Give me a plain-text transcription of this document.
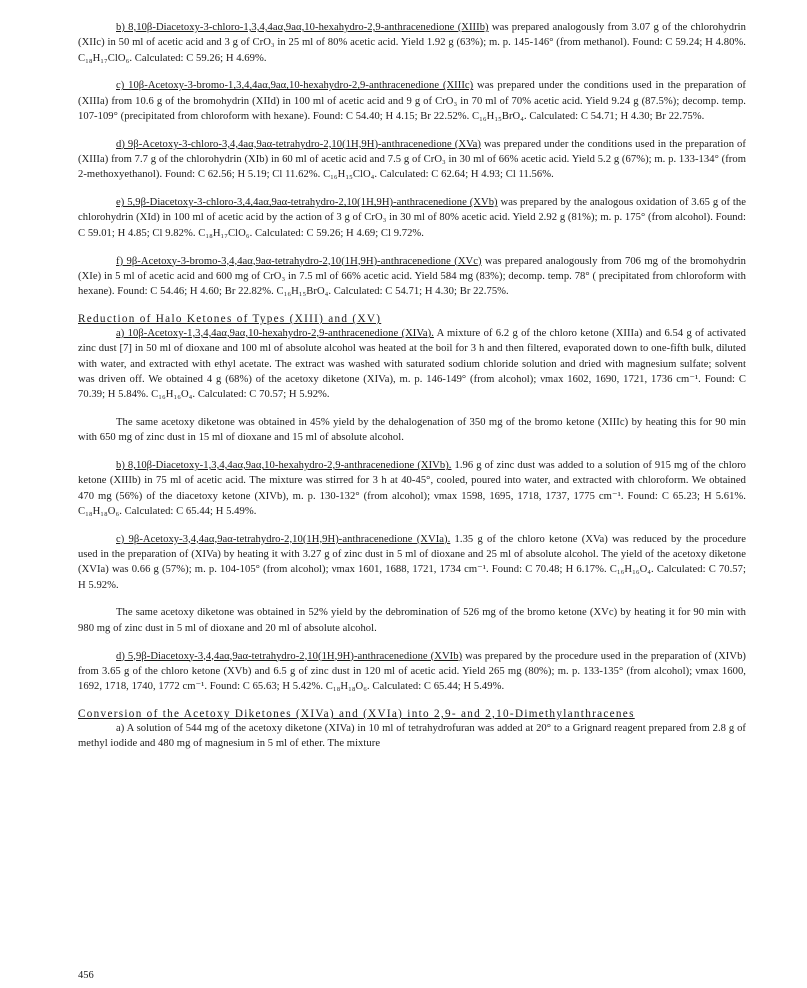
b) 8,10β-Diacetoxy-3-chloro-1,3,4,4aα,9aα,10-hexahydro-2,9-anthracenedione (XIIIb) was prepared analogously from 3.07 g of the chlorohydrin (XIIc) in 50 ml of acetic acid and 3 g of CrO₃ in 25 ml of 80% acetic acid. Yield 1.92 g (63%); m. p. 145-146° (from methanol). Found: C 59.24; H 4.80%. C₁₈H₁₇ClO₆. Calculated: C 59.26; H 4.69%.

c) 10β-Acetoxy-3-bromo-1,3,4,4aα,9aα,10-hexahydro-2,9-anthracenedione (XIIIc) was prepared under the conditions used in the preparation of (XIIIa) from 10.6 g of the bromohydrin (XIId) in 100 ml of acetic acid and 9 g of CrO₃ in 70 ml of 70% acetic acid. Yield 9.24 g (87.5%); decomp. temp. 107-109° (precipitated from chloroform with hexane). Found: C 54.40; H 4.15; Br 22.52%. C₁₆H₁₅BrO₄. Calculated: C 54.71; H 4.30; Br 22.75%.

d) 9β-Acetoxy-3-chloro-3,4,4aα,9aα-tetrahydro-2,10(1H,9H)-anthracenedione (XVa) was prepared under the conditions used in the preparation of (XIIIa) from 7.7 g of the chlorohydrin (XIb) in 60 ml of acetic acid and 7.5 g of CrO₃ in 30 ml of 66% acetic acid. Yield 5.2 g (67%); m. p. 133-134° (from 2-methoxyethanol). Found: C 62.56; H 5.19; Cl 11.62%. C₁₆H₁₅ClO₄. Calculated: C 62.64; H 4.93; Cl 11.56%.

e) 5,9β-Diacetoxy-3-chloro-3,4,4aα,9aα-tetrahydro-2,10(1H,9H)-anthracenedione (XVb) was prepared by the analogous oxidation of 3.65 g of the chlorohydrin (XId) in 100 ml of acetic acid by the action of 3 g of CrO₃ in 30 ml of 80% acetic acid. Yield 2.92 g (81%); m. p. 175° (from alcohol). Found: C 59.01; H 4.85; Cl 9.82%. C₁₈H₁₇ClO₆. Calculated: C 59.26; H 4.69; Cl 9.72%.

f) 9β-Acetoxy-3-bromo-3,4,4aα,9aα-tetrahydro-2,10(1H,9H)-anthracenedione (XVc) was prepared analogously from 706 mg of the bromohydrin (XIe) in 5 ml of acetic acid and 600 mg of CrO₃ in 7.5 ml of 66% acetic acid. Yield 584 mg (83%); decomp. temp. 78° ( precipitated from chloroform with hexane). Found: C 54.46; H 4.60; Br 22.82%. C₁₆H₁₅BrO₄. Calculated: C 54.71; H 4.30; Br 22.75%.

Reduction of Halo Ketones of Types (XIII) and (XV)

a) 10β-Acetoxy-1,3,4,4aα,9aα,10-hexahydro-2,9-anthracenedione (XIVa). A mixture of 6.2 g of the chloro ketone (XIIIa) and 6.54 g of activated zinc dust [7] in 50 ml of dioxane and 100 ml of absolute alcohol was heated at the boil for 3 h and then filtered, evaporated down to one-fifth bulk, diluted with water, and extracted with ethyl acetate. The extract was washed with saturated sodium chloride solution and dried with magnesium sulfate; solvent was driven off. We obtained 4 g (68%) of the acetoxy diketone (XIVa), m. p. 146-149° (from alcohol); νmax 1602, 1690, 1721, 1736 cm⁻¹. Found: C 70.39; H 5.84%. C₁₆H₁₆O₄. Calculated: C 70.57; H 5.92%.

The same acetoxy diketone was obtained in 45% yield by the dehalogenation of 350 mg of the bromo ketone (XIIIc) by heating this for 90 min with 650 mg of zinc dust in 15 ml of dioxane and 15 ml of absolute alcohol.

b) 8,10β-Diacetoxy-1,3,4,4aα,9aα,10-hexahydro-2,9-anthracenedione (XIVb). 1.96 g of zinc dust was added to a solution of 915 mg of the chloro ketone (XIIIb) in 75 ml of acetic acid. The mixture was stirred for 3 h at 40-45°, cooled, poured into water, and extracted with chloroform. We obtained 470 mg (56%) of the diacetoxy ketone (XIVb), m. p. 130-132° (from alcohol); νmax 1598, 1695, 1718, 1737, 1775 cm⁻¹. Found: C 65.23; H 5.61%. C₁₈H₁₈O₆. Calculated: C 65.44; H 5.49%.

c) 9β-Acetoxy-3,4,4aα,9aα-tetrahydro-2,10(1H,9H)-anthracenedione (XVIa). 1.35 g of the chloro ketone (XVa) was reduced by the procedure used in the preparation of (XIVa) by heating it with 3.27 g of zinc dust in 5 ml of dioxane and 25 ml of absolute alcohol. The yield of the acetoxy diketone (XVIa) was 0.66 g (57%); m. p. 104-105° (from alcohol); νmax 1601, 1688, 1721, 1734 cm⁻¹. Found: C 70.48; H 6.17%. C₁₆H₁₆O₄. Calculated: C 70.57; H 5.92%.

The same acetoxy diketone was obtained in 52% yield by the debromination of 526 mg of the bromo ketone (XVc) by heating it for 90 min with 980 mg of zinc dust in 5 ml of dioxane and 20 ml of absolute alcohol.

d) 5,9β-Diacetoxy-3,4,4aα,9aα-tetrahydro-2,10(1H,9H)-anthracenedione (XVIb) was prepared by the procedure used in the preparation of (XIVb) from 3.65 g of the chloro ketone (XVb) and 6.5 g of zinc dust in 120 ml of acetic acid. Yield 265 mg (80%); m. p. 133-135° (from alcohol); νmax 1600, 1692, 1718, 1740, 1772 cm⁻¹. Found: C 65.63; H 5.42%. C₁₈H₁₈O₆. Calculated: C 65.44; H 5.49%.

Conversion of the Acetoxy Diketones (XIVa) and (XVIa) into 2,9- and 2,10-Dimethylanthracenes

a) A solution of 544 mg of the acetoxy diketone (XIVa) in 10 ml of tetrahydrofuran was added at 20° to a Grignard reagent prepared from 2.8 g of methyl iodide and 480 mg of magnesium in 5 ml of ether. The mixture

456
